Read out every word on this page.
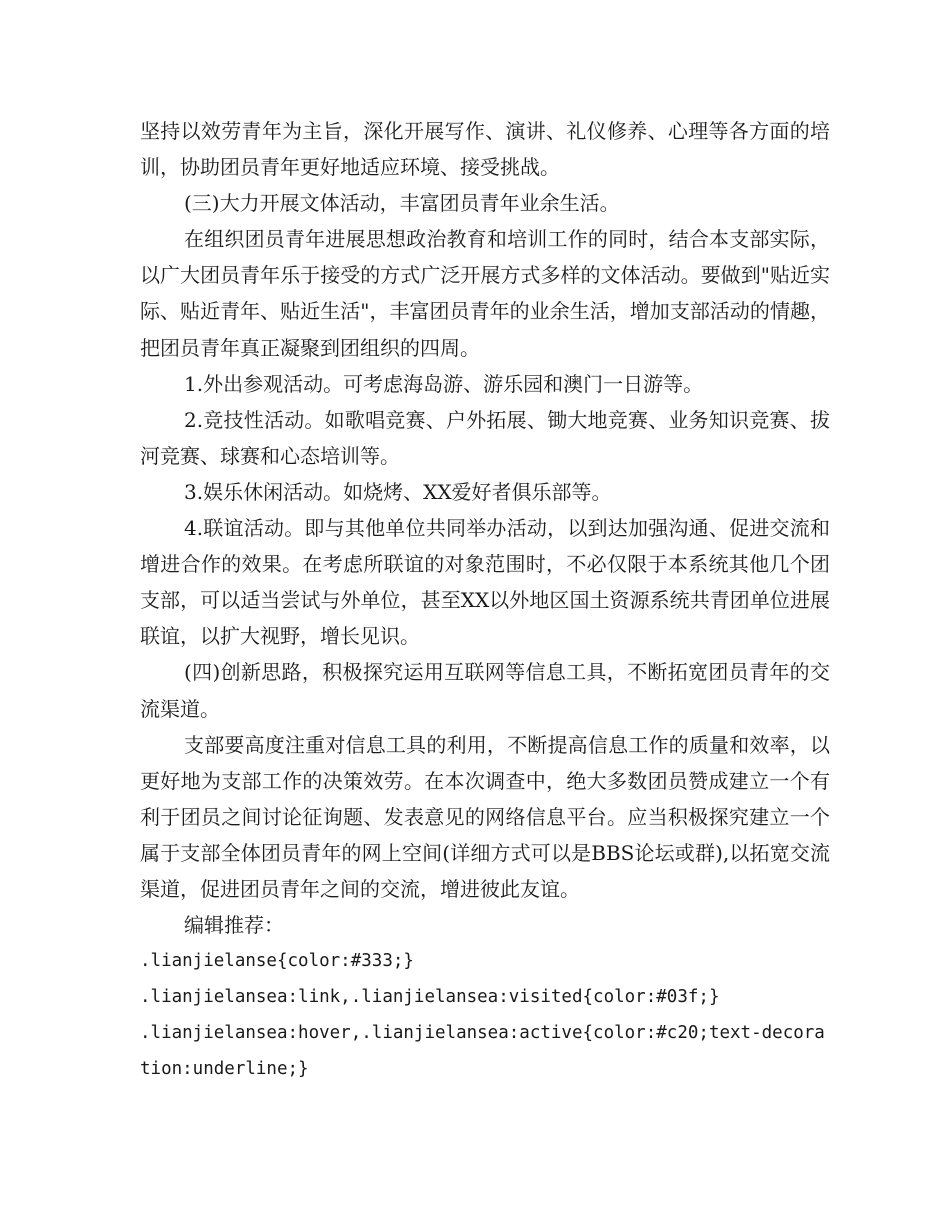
坚持以效劳青年为主旨，深化开展写作、演讲、礼仪修养、心理等各方面的培训，协助团员青年更好地适应环境、接受挑战。

(三)大力开展文体活动，丰富团员青年业余生活。

在组织团员青年进展思想政治教育和培训工作的同时，结合本支部实际，以广大团员青年乐于接受的方式广泛开展方式多样的文体活动。要做到"贴近实际、贴近青年、贴近生活"，丰富团员青年的业余生活，增加支部活动的情趣，把团员青年真正凝聚到团组织的四周。

1.外出参观活动。可考虑海岛游、游乐园和澳门一日游等。

2.竞技性活动。如歌唱竞赛、户外拓展、锄大地竞赛、业务知识竞赛、拔河竞赛、球赛和心态培训等。

3.娱乐休闲活动。如烧烤、XX爱好者俱乐部等。

4.联谊活动。即与其他单位共同举办活动，以到达加强沟通、促进交流和增进合作的效果。在考虑所联谊的对象范围时，不必仅限于本系统其他几个团支部，可以适当尝试与外单位，甚至XX以外地区国土资源系统共青团单位进展联谊，以扩大视野，增长见识。

(四)创新思路，积极探究运用互联网等信息工具，不断拓宽团员青年的交流渠道。

支部要高度注重对信息工具的利用，不断提高信息工作的质量和效率，以更好地为支部工作的决策效劳。在本次调查中，绝大多数团员赞成建立一个有利于团员之间讨论征询题、发表意见的网络信息平台。应当积极探究建立一个属于支部全体团员青年的网上空间(详细方式可以是BBS论坛或群),以拓宽交流渠道，促进团员青年之间的交流，增进彼此友谊。

编辑推荐：

.lianjielanse{color:#333;}

.lianjielansea:link,.lianjielansea:visited{color:#03f;}

.lianjielansea:hover,.lianjielansea:active{color:#c20;text-decoration:underline;}
